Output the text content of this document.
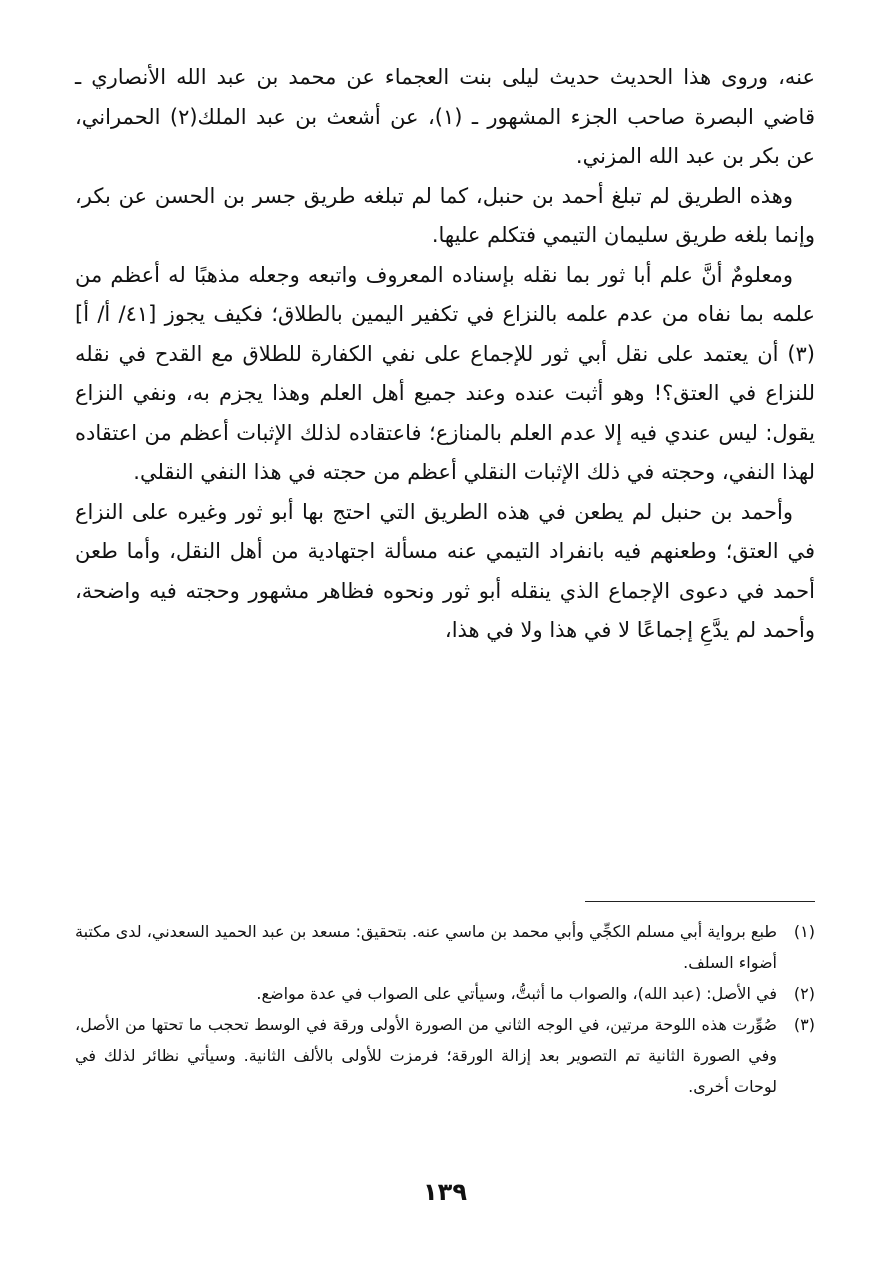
عنه، وروى هذا الحديث حديث ليلى بنت العجماء عن محمد بن عبد الله الأنصاري ـ قاضي البصرة صاحب الجزء المشهور ـ (١)، عن أشعث بن عبد الملك(٢) الحمراني، عن بكر بن عبد الله المزني.

وهذه الطريق لم تبلغ أحمد بن حنبل، كما لم تبلغه طريق جسر بن الحسن عن بكر، وإنما بلغه طريق سليمان التيمي فتكلم عليها.

ومعلومٌ أنَّ علم أبا ثور بما نقله بإسناده المعروف واتبعه وجعله مذهبًا له أعظم من علمه بما نفاه من عدم علمه بالنزاع في تكفير اليمين بالطلاق؛ فكيف يجوز [٤١/ أ/ أ](٣) أن يعتمد على نقل أبي ثور للإجماع على نفي الكفارة للطلاق مع القدح في نقله للنزاع في العتق؟! وهو أثبت عنده وعند جميع أهل العلم وهذا يجزم به، ونفي النزاع يقول: ليس عندي فيه إلا عدم العلم بالمنازع؛ فاعتقاده لذلك الإثبات أعظم من اعتقاده لهذا النفي، وحجته في ذلك الإثبات النقلي أعظم من حجته في هذا النفي النقلي.

وأحمد بن حنبل لم يطعن في هذه الطريق التي احتج بها أبو ثور وغيره على النزاع في العتق؛ وطعنهم فيه بانفراد التيمي عنه مسألة اجتهادية من أهل النقل، وأما طعن أحمد في دعوى الإجماع الذي ينقله أبو ثور ونحوه فظاهر مشهور وحجته فيه واضحة، وأحمد لم يدَّعِ إجماعًا لا في هذا ولا في هذا،

(١)
طبع برواية أبي مسلم الكجِّي وأبي محمد بن ماسي عنه. بتحقيق: مسعد بن عبد الحميد السعدني، لدى مكتبة أضواء السلف.
(٢)
في الأصل: (عبد الله)، والصواب ما أثبتُّ، وسيأتي على الصواب في عدة مواضع.
(٣)
صُوِّرت هذه اللوحة مرتين، في الوجه الثاني من الصورة الأولى ورقة في الوسط تحجب ما تحتها من الأصل، وفي الصورة الثانية تم التصوير بعد إزالة الورقة؛ فرمزت للأولى بالألف الثانية. وسيأتي نظائر لذلك في لوحات أخرى.
١٣٩
